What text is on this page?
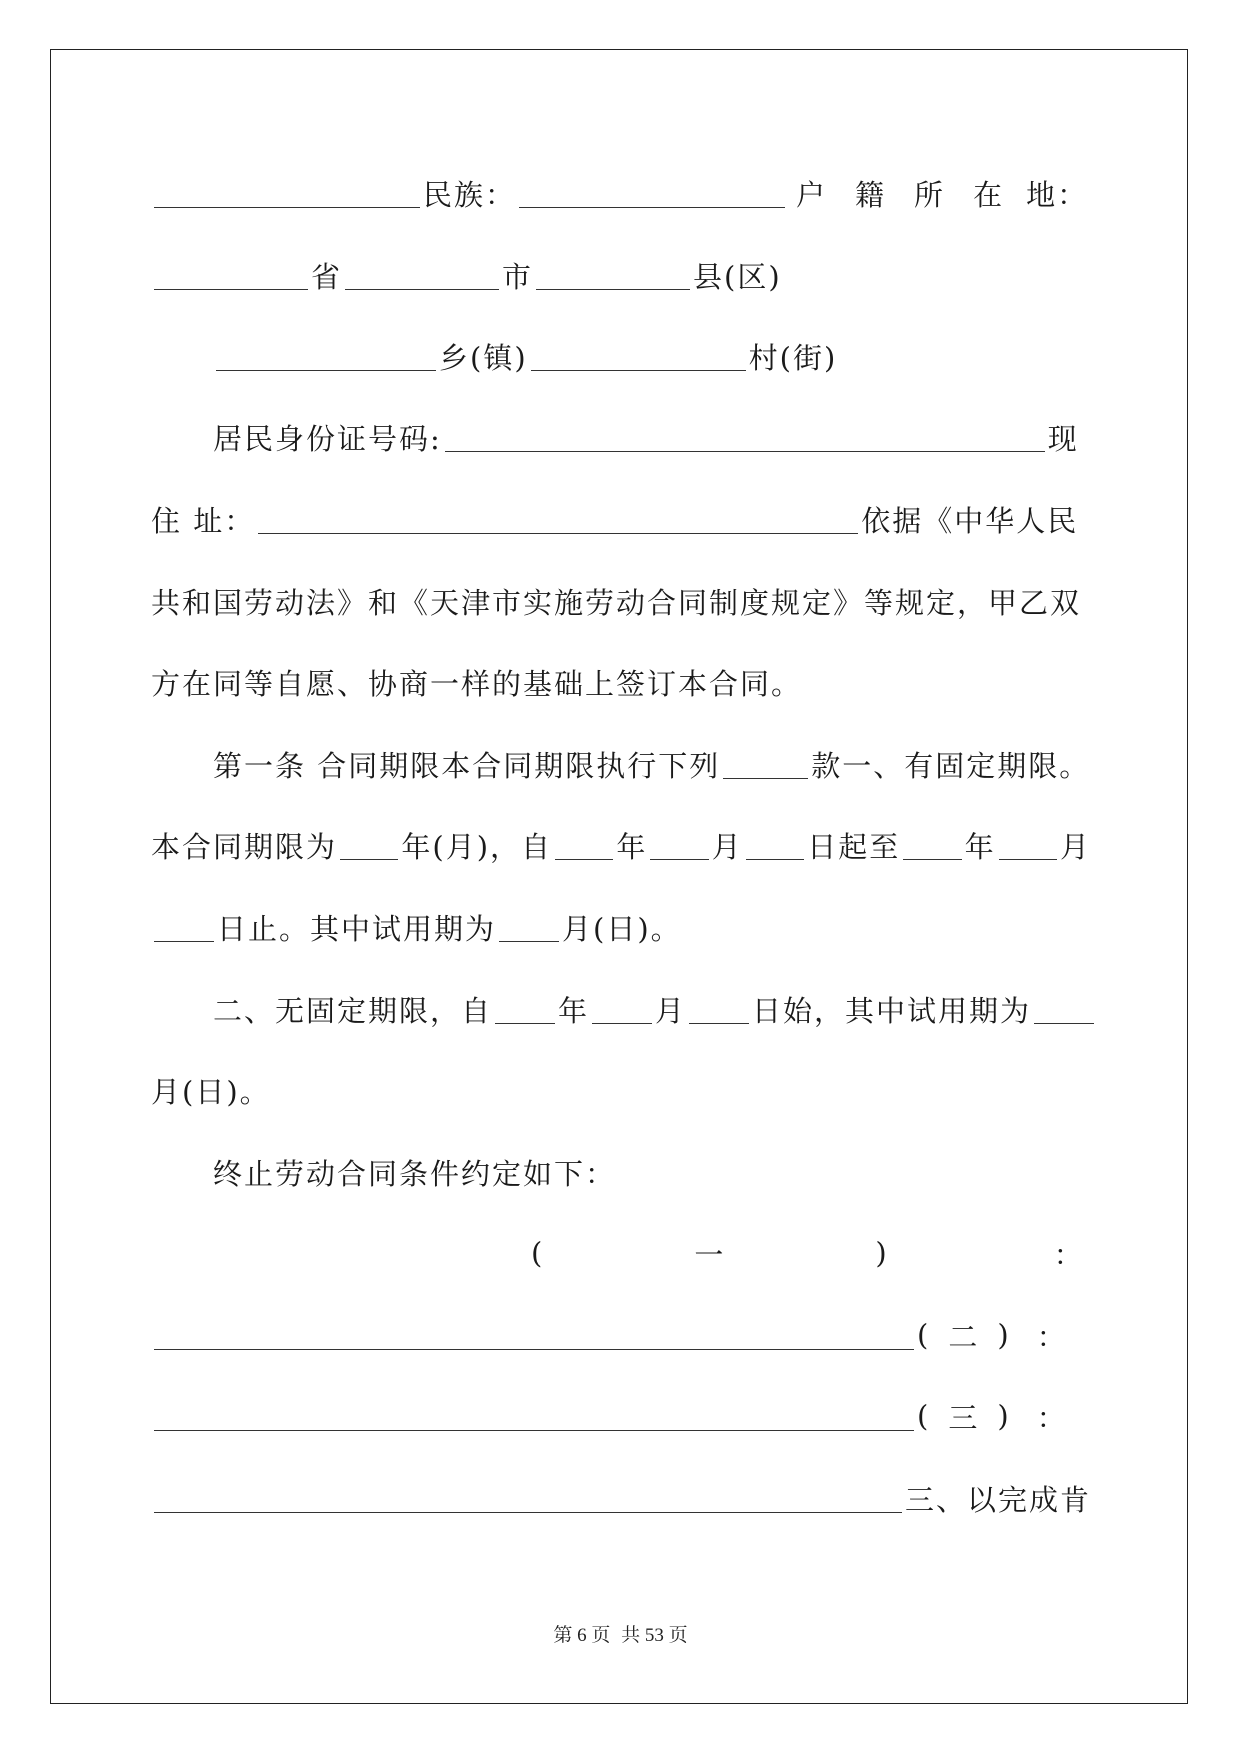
民族：	户 籍 所 在 地：
省	市	县(区)
乡(镇)	村(街)
居民身份证号码:	现
住 址：	依据《中华人民
共和国劳动法》和《天津市实施劳动合同制度规定》等规定，甲乙双
方在同等自愿、协商一样的基础上签订本合同。
第一条 合同期限本合同期限执行下列	款一、有固定期限。
本合同期限为 年(月)，自 年 月 日起至 年 月
日止。其中试用期为 月(日)。
二、无固定期限，自 年 月 日始，其中试用期为
月(日)。
终止劳动合同条件约定如下：
(	一	)	：
( 二 ) ：
( 三 ) ：
三、以完成肯
第 6 页 共 53 页
